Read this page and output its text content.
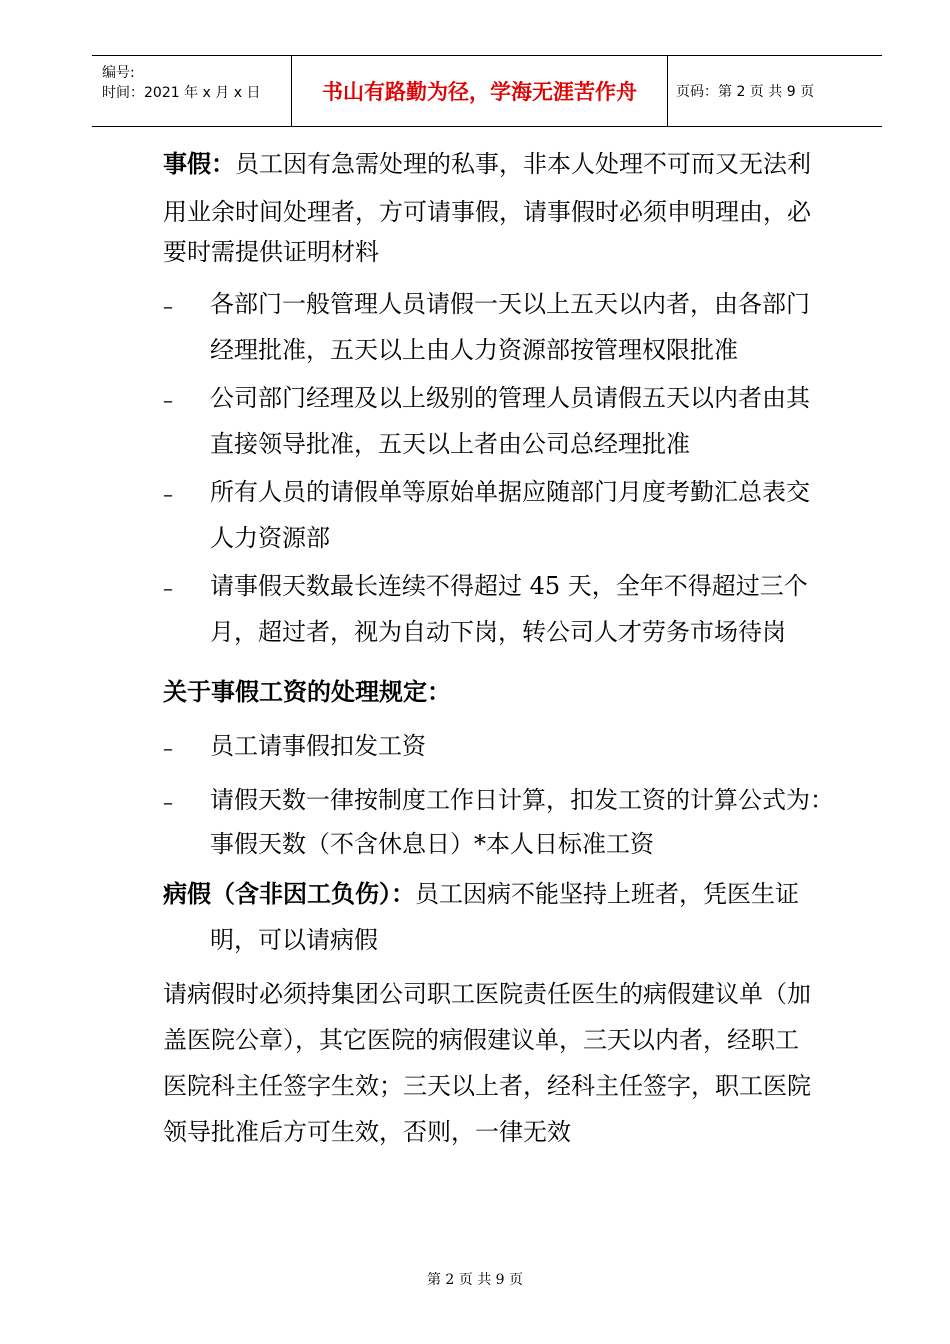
编号:
时间：2021 年 x 月 x 日	书山有路勤为径，学海无涯苦作舟	页码：第 2 页 共 9 页
事假：员工因有急需处理的私事，非本人处理不可而又无法利
用业余时间处理者，方可请事假，请事假时必须申明理由，必
要时需提供证明材料
– 各部门一般管理人员请假一天以上五天以内者，由各部门
经理批准，五天以上由人力资源部按管理权限批准
– 公司部门经理及以上级别的管理人员请假五天以内者由其
直接领导批准，五天以上者由公司总经理批准
– 所有人员的请假单等原始单据应随部门月度考勤汇总表交
人力资源部
– 请事假天数最长连续不得超过 45 天，全年不得超过三个
月，超过者，视为自动下岗，转公司人才劳务市场待岗
关于事假工资的处理规定：
– 员工请事假扣发工资
– 请假天数一律按制度工作日计算，扣发工资的计算公式为：
事假天数（不含休息日）*本人日标准工资
病假（含非因工负伤）：员工因病不能坚持上班者，凭医生证
明，可以请病假
请病假时必须持集团公司职工医院责任医生的病假建议单（加
盖医院公章），其它医院的病假建议单，三天以内者，经职工
医院科主任签字生效；三天以上者，经科主任签字，职工医院
领导批准后方可生效，否则，一律无效
第 2 页 共 9 页
